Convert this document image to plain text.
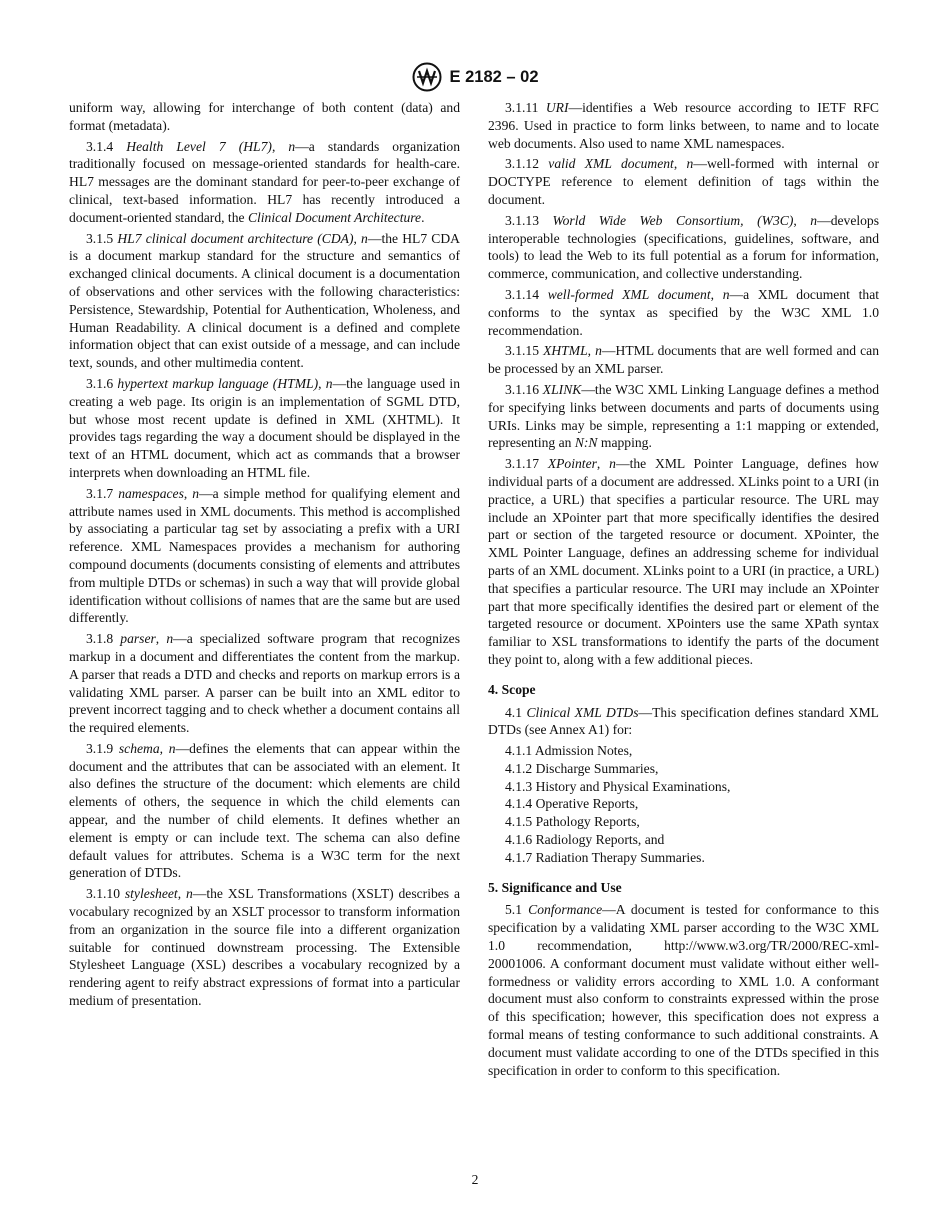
E 2182 – 02

uniform way, allowing for interchange of both content (data) and format (metadata).

3.1.4 Health Level 7 (HL7), n—a standards organization traditionally focused on message-oriented standards for health-care. HL7 messages are the dominant standard for peer-to-peer exchange of clinical, text-based information. HL7 has recently introduced a document-oriented standard, the Clinical Document Architecture.

3.1.5 HL7 clinical document architecture (CDA), n—the HL7 CDA is a document markup standard for the structure and semantics of exchanged clinical documents. A clinical document is a documentation of observations and other services with the following characteristics: Persistence, Stewardship, Potential for Authentication, Wholeness, and Human Readability. A clinical document is a defined and complete information object that can exist outside of a message, and can include text, sounds, and other multimedia content.

3.1.6 hypertext markup language (HTML), n—the language used in creating a web page. Its origin is an implementation of SGML DTD, but whose most recent update is defined in XML (XHTML). It provides tags regarding the way a document should be displayed in the text of an HTML document, which act as commands that a browser interprets when downloading an HTML file.

3.1.7 namespaces, n—a simple method for qualifying element and attribute names used in XML documents. This method is accomplished by associating a particular tag set by associating a prefix with a URI reference. XML Namespaces provides a mechanism for authoring compound documents (documents consisting of elements and attributes from multiple DTDs or schemas) in such a way that will provide global identification without collisions of names that are the same but are used differently.

3.1.8 parser, n—a specialized software program that recognizes markup in a document and differentiates the content from the markup. A parser that reads a DTD and checks and reports on markup errors is a validating XML parser. A parser can be built into an XML editor to prevent incorrect tagging and to check whether a document contains all the required elements.

3.1.9 schema, n—defines the elements that can appear within the document and the attributes that can be associated with an element. It also defines the structure of the document: which elements are child elements of others, the sequence in which the child elements can appear, and the number of child elements. It defines whether an element is empty or can include text. The schema can also define default values for attributes. Schema is a W3C term for the next generation of DTDs.

3.1.10 stylesheet, n—the XSL Transformations (XSLT) describes a vocabulary recognized by an XSLT processor to transform information from an organization in the source file into a different organization suitable for continued downstream processing. The Extensible Stylesheet Language (XSL) describes a vocabulary recognized by a rendering agent to reify abstract expressions of format into a particular medium of presentation.

3.1.11 URI—identifies a Web resource according to IETF RFC 2396. Used in practice to form links between, to name and to locate web documents. Also used to name XML namespaces.

3.1.12 valid XML document, n—well-formed with internal or DOCTYPE reference to element definition of tags within the document.

3.1.13 World Wide Web Consortium, (W3C), n—develops interoperable technologies (specifications, guidelines, software, and tools) to lead the Web to its full potential as a forum for information, commerce, communication, and collective understanding.

3.1.14 well-formed XML document, n—a XML document that conforms to the syntax as specified by the W3C XML 1.0 recommendation.

3.1.15 XHTML, n—HTML documents that are well formed and can be processed by an XML parser.

3.1.16 XLINK—the W3C XML Linking Language defines a method for specifying links between documents and parts of documents using URIs. Links may be simple, representing a 1:1 mapping or extended, representing an N:N mapping.

3.1.17 XPointer, n—the XML Pointer Language, defines how individual parts of a document are addressed. XLinks point to a URI (in practice, a URL) that specifies a particular resource. The URL may include an XPointer part that more specifically identifies the desired part or section of the targeted resource or document. XPointer, the XML Pointer Language, defines an addressing scheme for individual parts of an XML document. XLinks point to a URI (in practice, a URL) that specifies a particular resource. The URI may include an XPointer part that more specifically identifies the desired part or element of the targeted resource or document. XPointers use the same XPath syntax familiar to XSL transformations to identify the parts of the document they point to, along with a few additional pieces.

4. Scope

4.1 Clinical XML DTDs—This specification defines standard XML DTDs (see Annex A1) for:

4.1.1 Admission Notes,
4.1.2 Discharge Summaries,
4.1.3 History and Physical Examinations,
4.1.4 Operative Reports,
4.1.5 Pathology Reports,
4.1.6 Radiology Reports, and
4.1.7 Radiation Therapy Summaries.
5. Significance and Use

5.1 Conformance—A document is tested for conformance to this specification by a validating XML parser according to the W3C XML 1.0 recommendation, http://www.w3.org/TR/2000/REC-xml-20001006. A conformant document must validate without either well-formedness or validity errors according to XML 1.0. A conformant document must also conform to constraints expressed within the prose of this specification; however, this specification does not express a formal means of testing conformance to such additional constraints. A document must validate according to one of the DTDs specified in this specification in order to conform to this specification.

2
